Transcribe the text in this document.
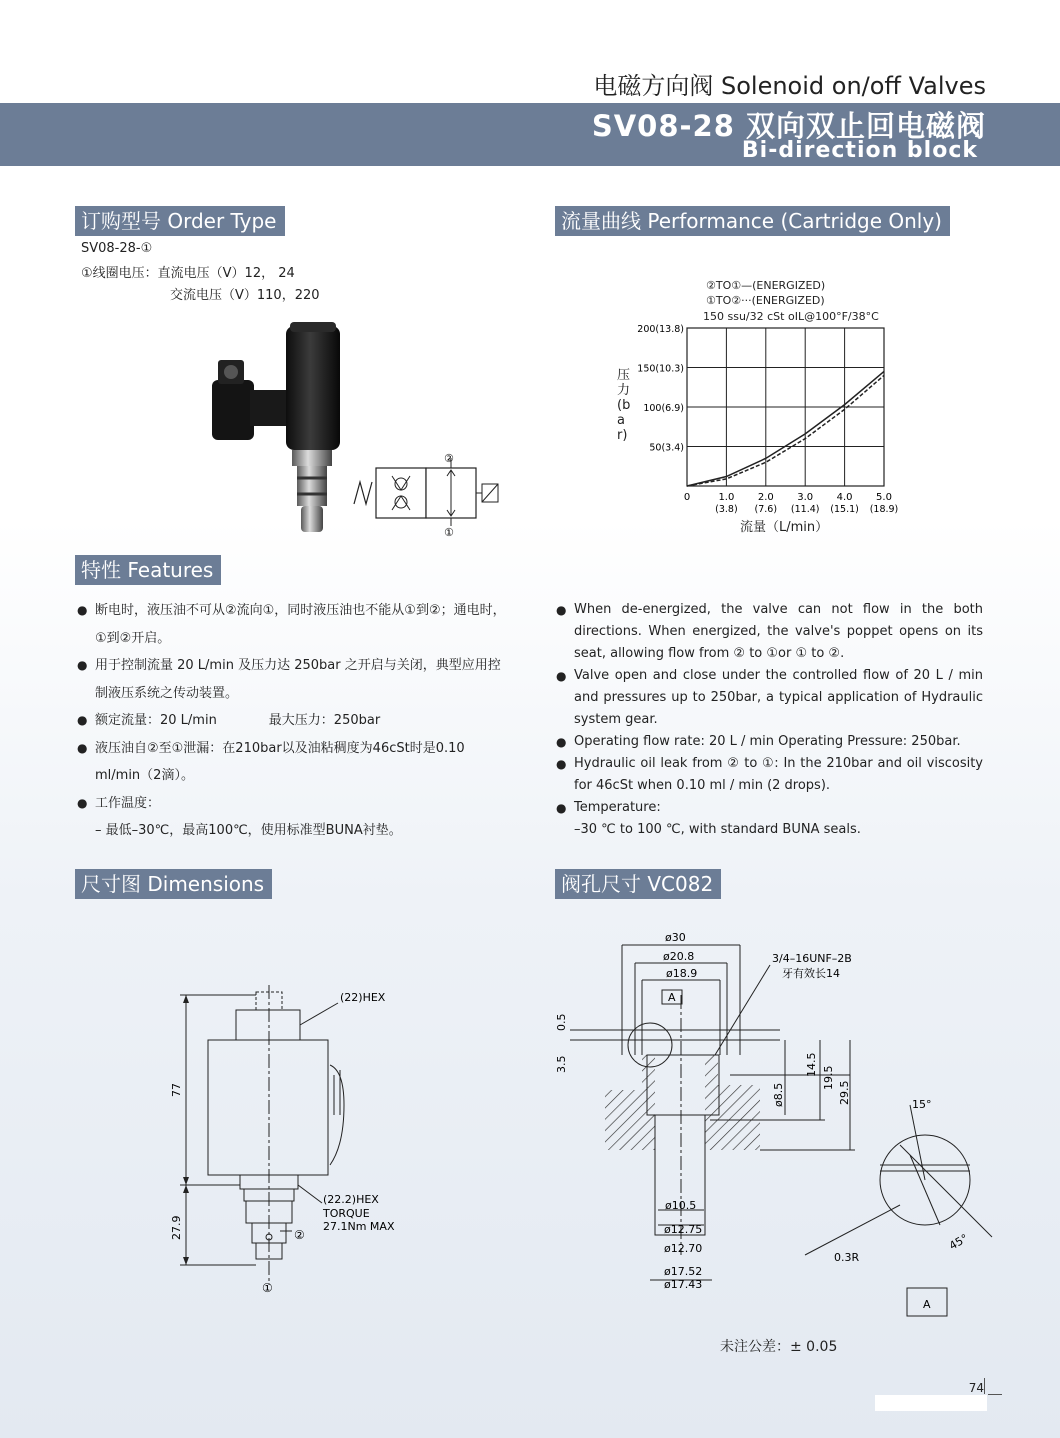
电磁方向阀 Solenoid on/off Valves
SV08-28 双向双止回电磁阀
Bi-direction block
订购型号 Order Type
SV08-28-①
①线圈电压：直流电压（V）12， 24
交流电压（V）110，220
②
①
流量曲线 Performance (Cartridge Only)
②TO①—(ENERGIZED)
①TO②···(ENERGIZED)
150 ssu/32 cSt oIL@100°F/38°C
压力(bar)
流量（L/min）
50(3.4)
100(6.9)
150(10.3)
200(13.8)
0	1.0
(3.8)
2.0
(7.6)
3.0
(11.4)
4.0
(15.1)
5.0
(18.9)
特性 Features
● 断电时，液压油不可从②流向①，同时液压油也不能从①到②；通电时，①到②开启。
● 用于控制流量 20 L/min 及压力达 250bar 之开启与关闭，典型应用控制液压系统之传动装置。
● 额定流量：20 L/min　　　　最大压力：250bar
● 液压油自②至①泄漏：在210bar以及油粘稠度为46cSt时是0.10 ml/min（2滴）。
● 工作温度：
– 最低–30℃，最高100℃，使用标准型BUNA衬垫。
● When de-energized, the valve can not flow in the both directions. When energized, the valve's poppet opens on its seat, allowing flow from ② to ①or ① to ②.
● Valve open and close under the controlled flow of 20 L / min and pressures up to 250bar, a typical application of Hydraulic system gear.
● Operating flow rate: 20 L / min Operating Pressure: 250bar.
● Hydraulic oil leak from ② to ①: In the 210bar and oil viscosity for 46cSt when 0.10 ml / min (2 drops).
● Temperature:
–30 ℃ to 100 ℃, with standard BUNA seals.
尺寸图 Dimensions
(22)HEX
(22.2)HEX
TORQUE
27.1Nm MAX
77
27.9	②
①
阀孔尺寸 VC082
ø30
ø20.8
ø18.9
3/4–16UNF–2B
牙有效长14
A
0.5
3.5
ø8.5
14.5
19.5
29.5
ø10.5
ø12.75
ø12.70
ø17.52
ø17.43
0.3R
15°
45°
A
未注公差：± 0.05
74
